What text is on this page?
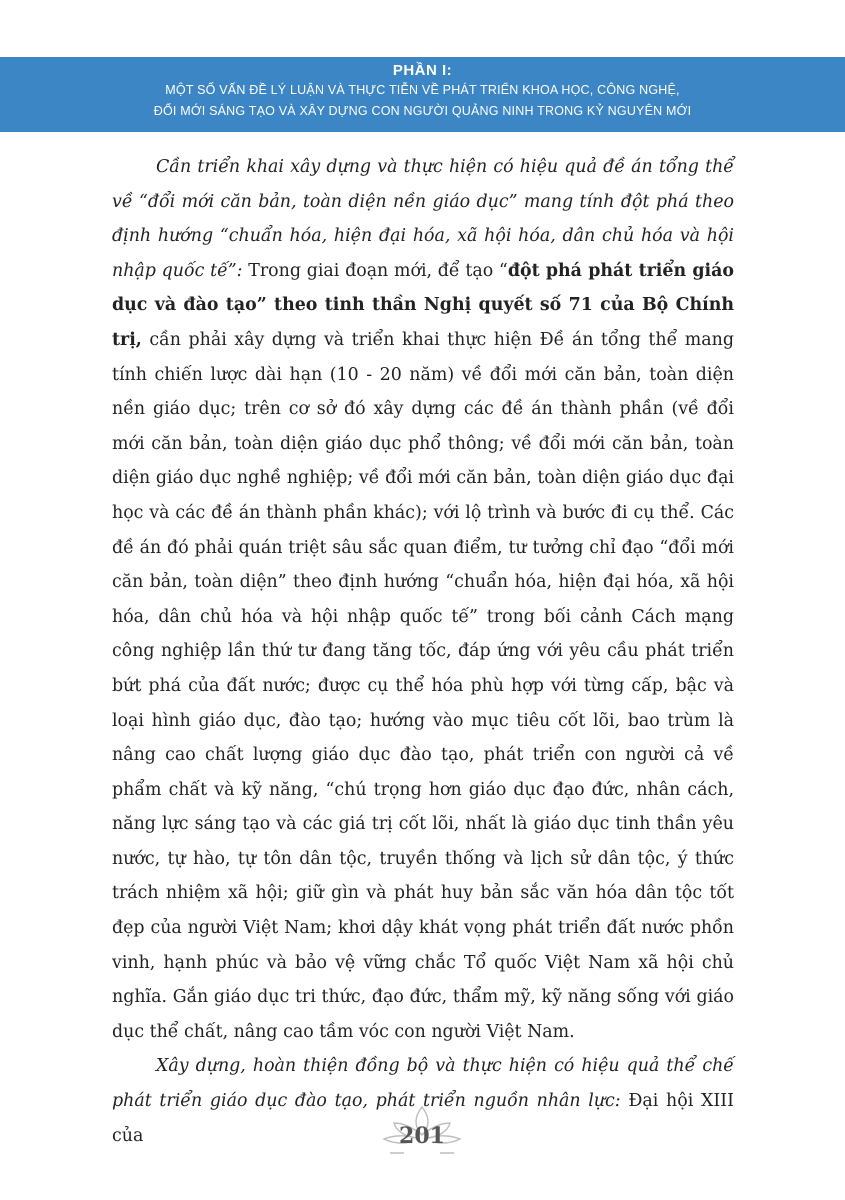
PHẦN I:
MỘT SỐ VẤN ĐỀ LÝ LUẬN VÀ THỰC TIỄN VỀ PHÁT TRIỂN KHOA HỌC, CÔNG NGHỆ,
ĐỔI MỚI SÁNG TẠO VÀ XÂY DỰNG CON NGƯỜI QUẢNG NINH TRONG KỶ NGUYÊN MỚI

Cần triển khai xây dựng và thực hiện có hiệu quả đề án tổng thể về “đổi mới căn bản, toàn diện nền giáo dục” mang tính đột phá theo định hướng “chuẩn hóa, hiện đại hóa, xã hội hóa, dân chủ hóa và hội nhập quốc tế”: Trong giai đoạn mới, để tạo “đột phá phát triển giáo dục và đào tạo” theo tinh thần Nghị quyết số 71 của Bộ Chính trị, cần phải xây dựng và triển khai thực hiện Đề án tổng thể mang tính chiến lược dài hạn (10 - 20 năm) về đổi mới căn bản, toàn diện nền giáo dục; trên cơ sở đó xây dựng các đề án thành phần (về đổi mới căn bản, toàn diện giáo dục phổ thông; về đổi mới căn bản, toàn diện giáo dục nghề nghiệp; về đổi mới căn bản, toàn diện giáo dục đại học và các đề án thành phần khác); với lộ trình và bước đi cụ thể. Các đề án đó phải quán triệt sâu sắc quan điểm, tư tưởng chỉ đạo “đổi mới căn bản, toàn diện” theo định hướng “chuẩn hóa, hiện đại hóa, xã hội hóa, dân chủ hóa và hội nhập quốc tế” trong bối cảnh Cách mạng công nghiệp lần thứ tư đang tăng tốc, đáp ứng với yêu cầu phát triển bứt phá của đất nước; được cụ thể hóa phù hợp với từng cấp, bậc và loại hình giáo dục, đào tạo; hướng vào mục tiêu cốt lõi, bao trùm là nâng cao chất lượng giáo dục đào tạo, phát triển con người cả về phẩm chất và kỹ năng, “chú trọng hơn giáo dục đạo đức, nhân cách, năng lực sáng tạo và các giá trị cốt lõi, nhất là giáo dục tinh thần yêu nước, tự hào, tự tôn dân tộc, truyền thống và lịch sử dân tộc, ý thức trách nhiệm xã hội; giữ gìn và phát huy bản sắc văn hóa dân tộc tốt đẹp của người Việt Nam; khơi dậy khát vọng phát triển đất nước phồn vinh, hạnh phúc và bảo vệ vững chắc Tổ quốc Việt Nam xã hội chủ nghĩa. Gắn giáo dục tri thức, đạo đức, thẩm mỹ, kỹ năng sống với giáo dục thể chất, nâng cao tầm vóc con người Việt Nam.

Xây dựng, hoàn thiện đồng bộ và thực hiện có hiệu quả thể chế phát triển giáo dục đào tạo, phát triển nguồn nhân lực: Đại hội XIII của	201
